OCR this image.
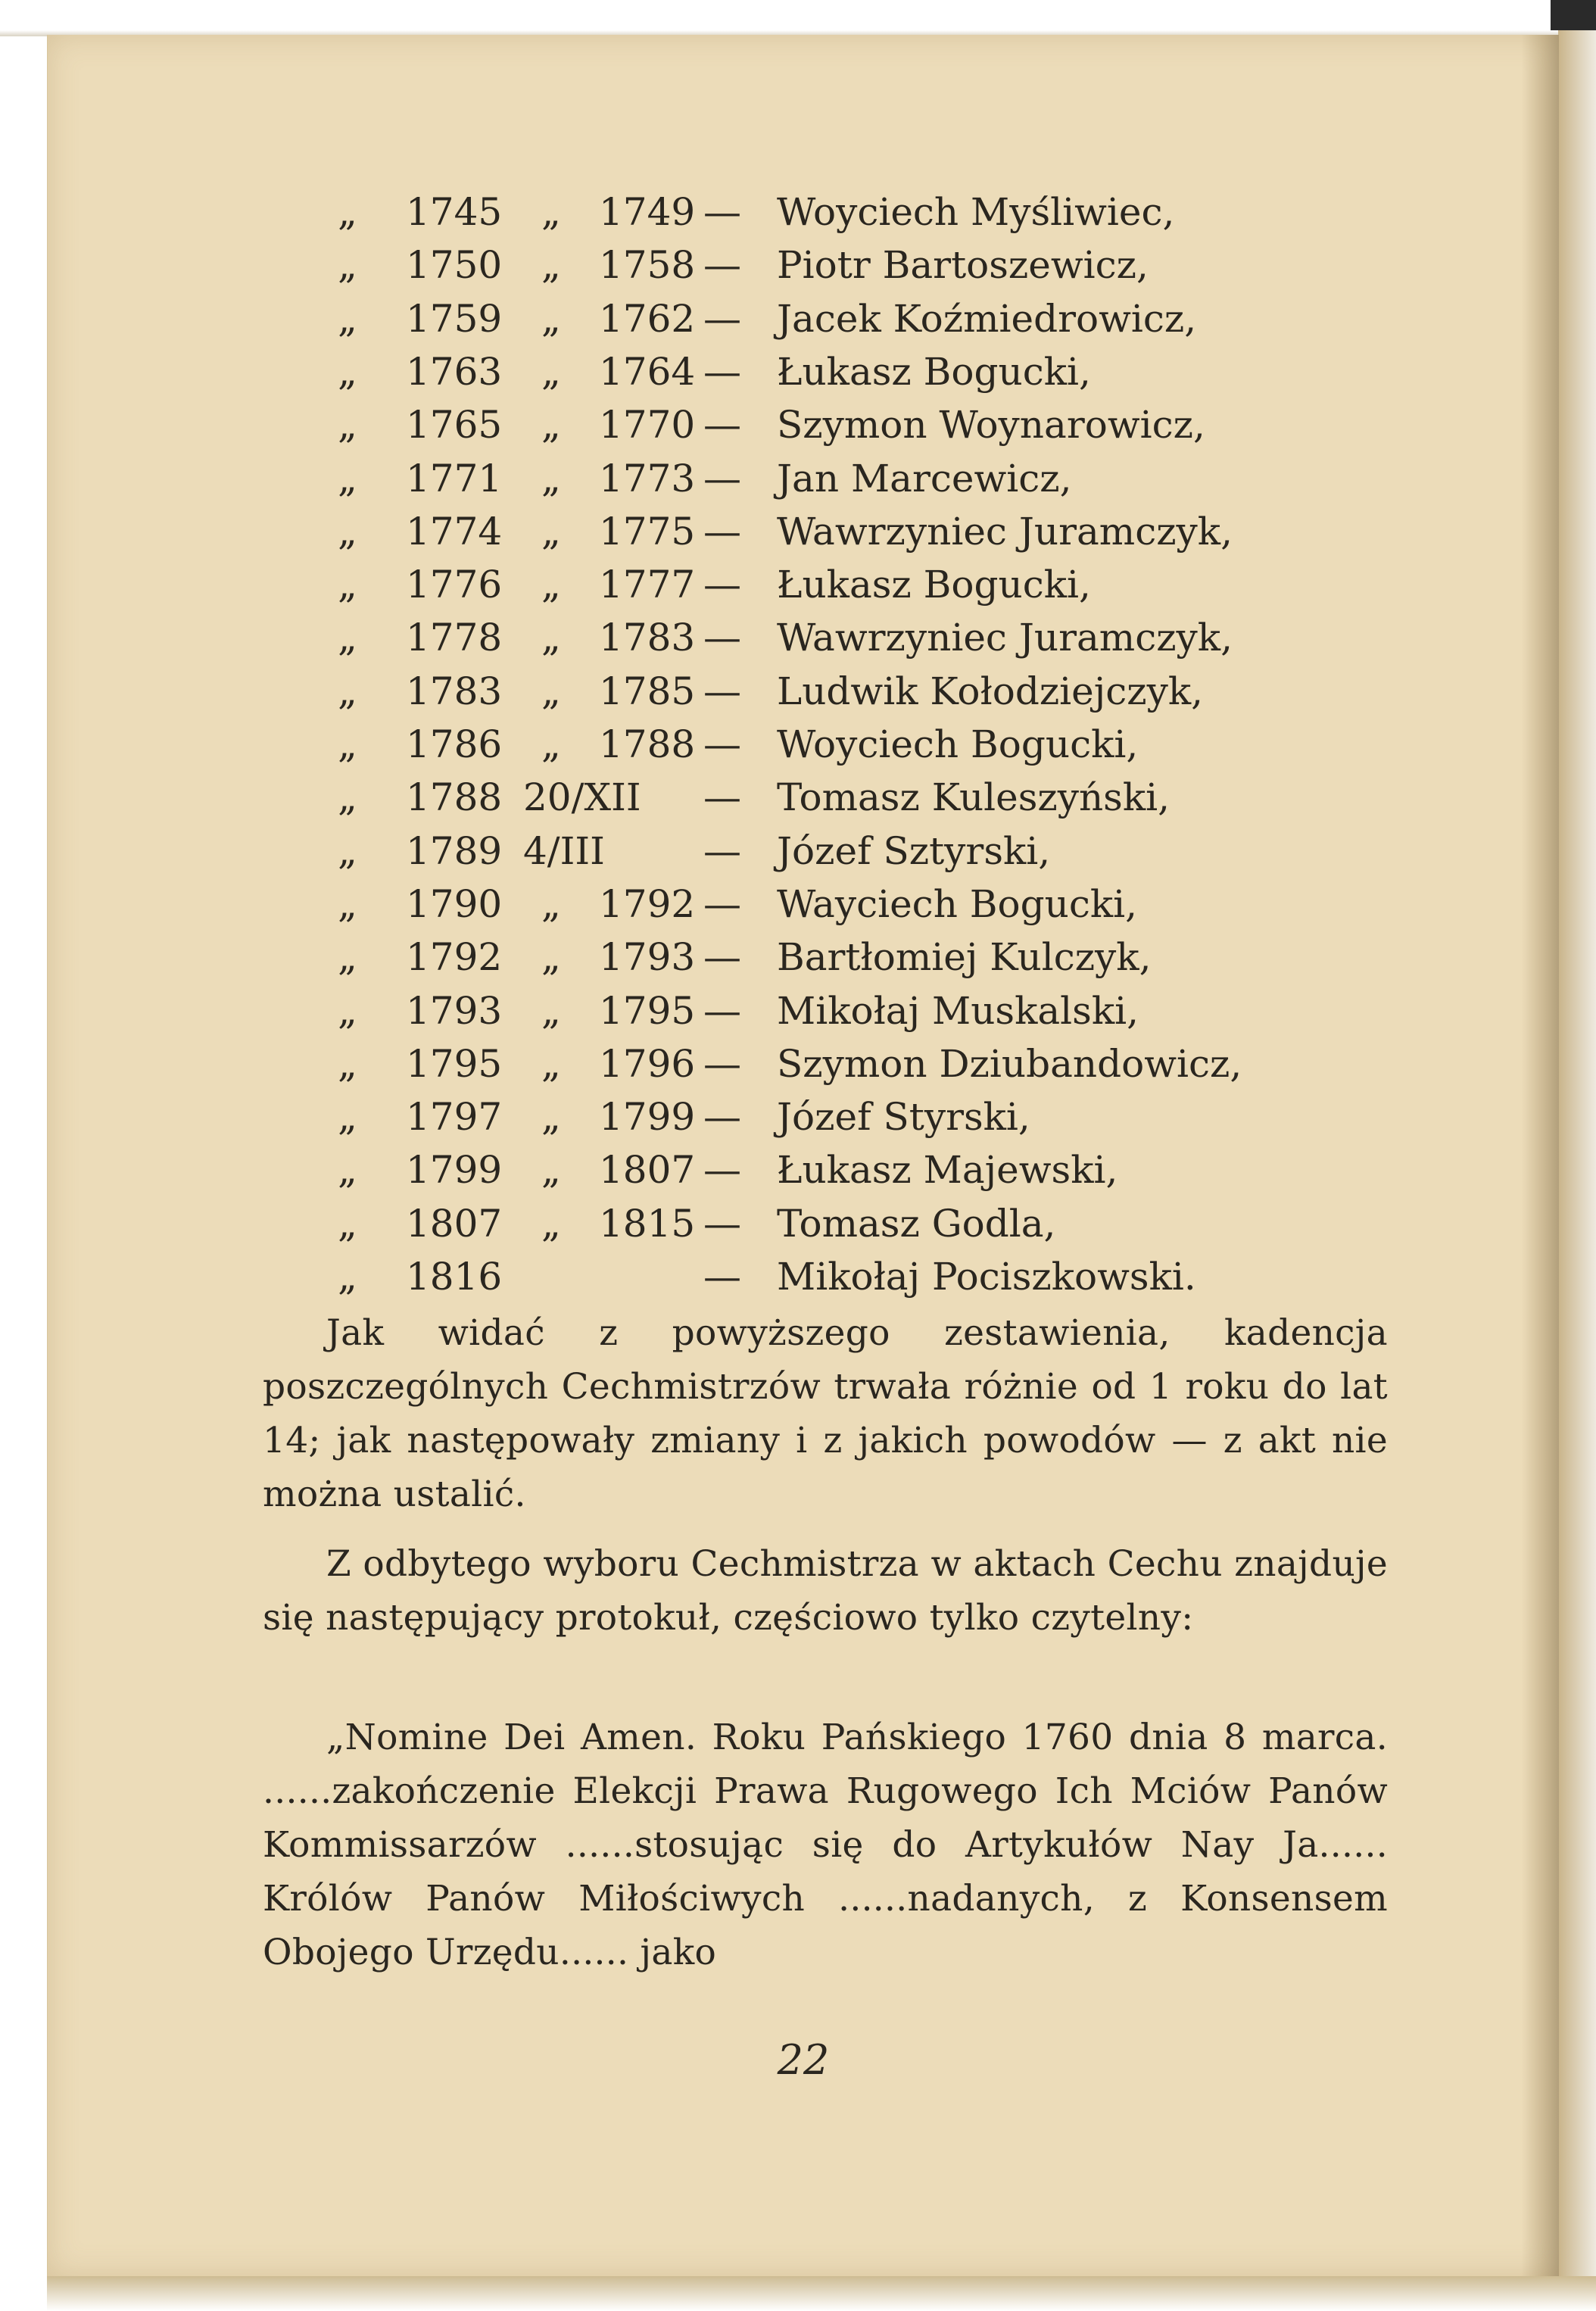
„ 1745 „ 1749 — Woyciech Myśliwiec,
„ 1750 „ 1758 — Piotr Bartoszewicz,
„ 1759 „ 1762 — Jacek Koźmiedrowicz,
„ 1763 „ 1764 — Łukasz Bogucki,
„ 1765 „ 1770 — Szymon Woynarowicz,
„ 1771 „ 1773 — Jan Marcewicz,
„ 1774 „ 1775 — Wawrzyniec Juramczyk,
„ 1776 „ 1777 — Łukasz Bogucki,
„ 1778 „ 1783 — Wawrzyniec Juramczyk,
„ 1783 „ 1785 — Ludwik Kołodziejczyk,
„ 1786 „ 1788 — Woyciech Bogucki,
„ 1788 20/XII — Tomasz Kuleszyński,
„ 1789 4/III	— Józef Sztyrski,
„ 1790 „ 1792 — Wayciech Bogucki,
„ 1792 „ 1793 — Bartłomiej Kulczyk,
„ 1793 „ 1795 — Mikołaj Muskalski,
„ 1795 „ 1796 — Szymon Dziubandowicz,
„ 1797 „ 1799 — Józef Styrski,
„ 1799 „ 1807 — Łukasz Majewski,
„ 1807 „ 1815 — Tomasz Godla,
„ 1816	— Mikołaj Pociszkowski.
Jak widać z powyższego zestawienia, kadencja poszczególnych Cechmistrzów trwała różnie od 1 roku do lat 14; jak następowały zmiany i z jakich powodów — z akt nie można ustalić.
Z odbytego wyboru Cechmistrza w aktach Cechu znajduje się następujący protokuł, częściowo tylko czytelny:
„Nomine Dei Amen. Roku Pańskiego 1760 dnia 8 marca. ......zakończenie Elekcji Prawa Rugowego Ich Mciów Panów Kommissarzów ......stosując się do Artykułów Nay Ja...... Królów Panów Miłościwych ......nadanych, z Konsensem Obojego Urzędu...... jako
22
